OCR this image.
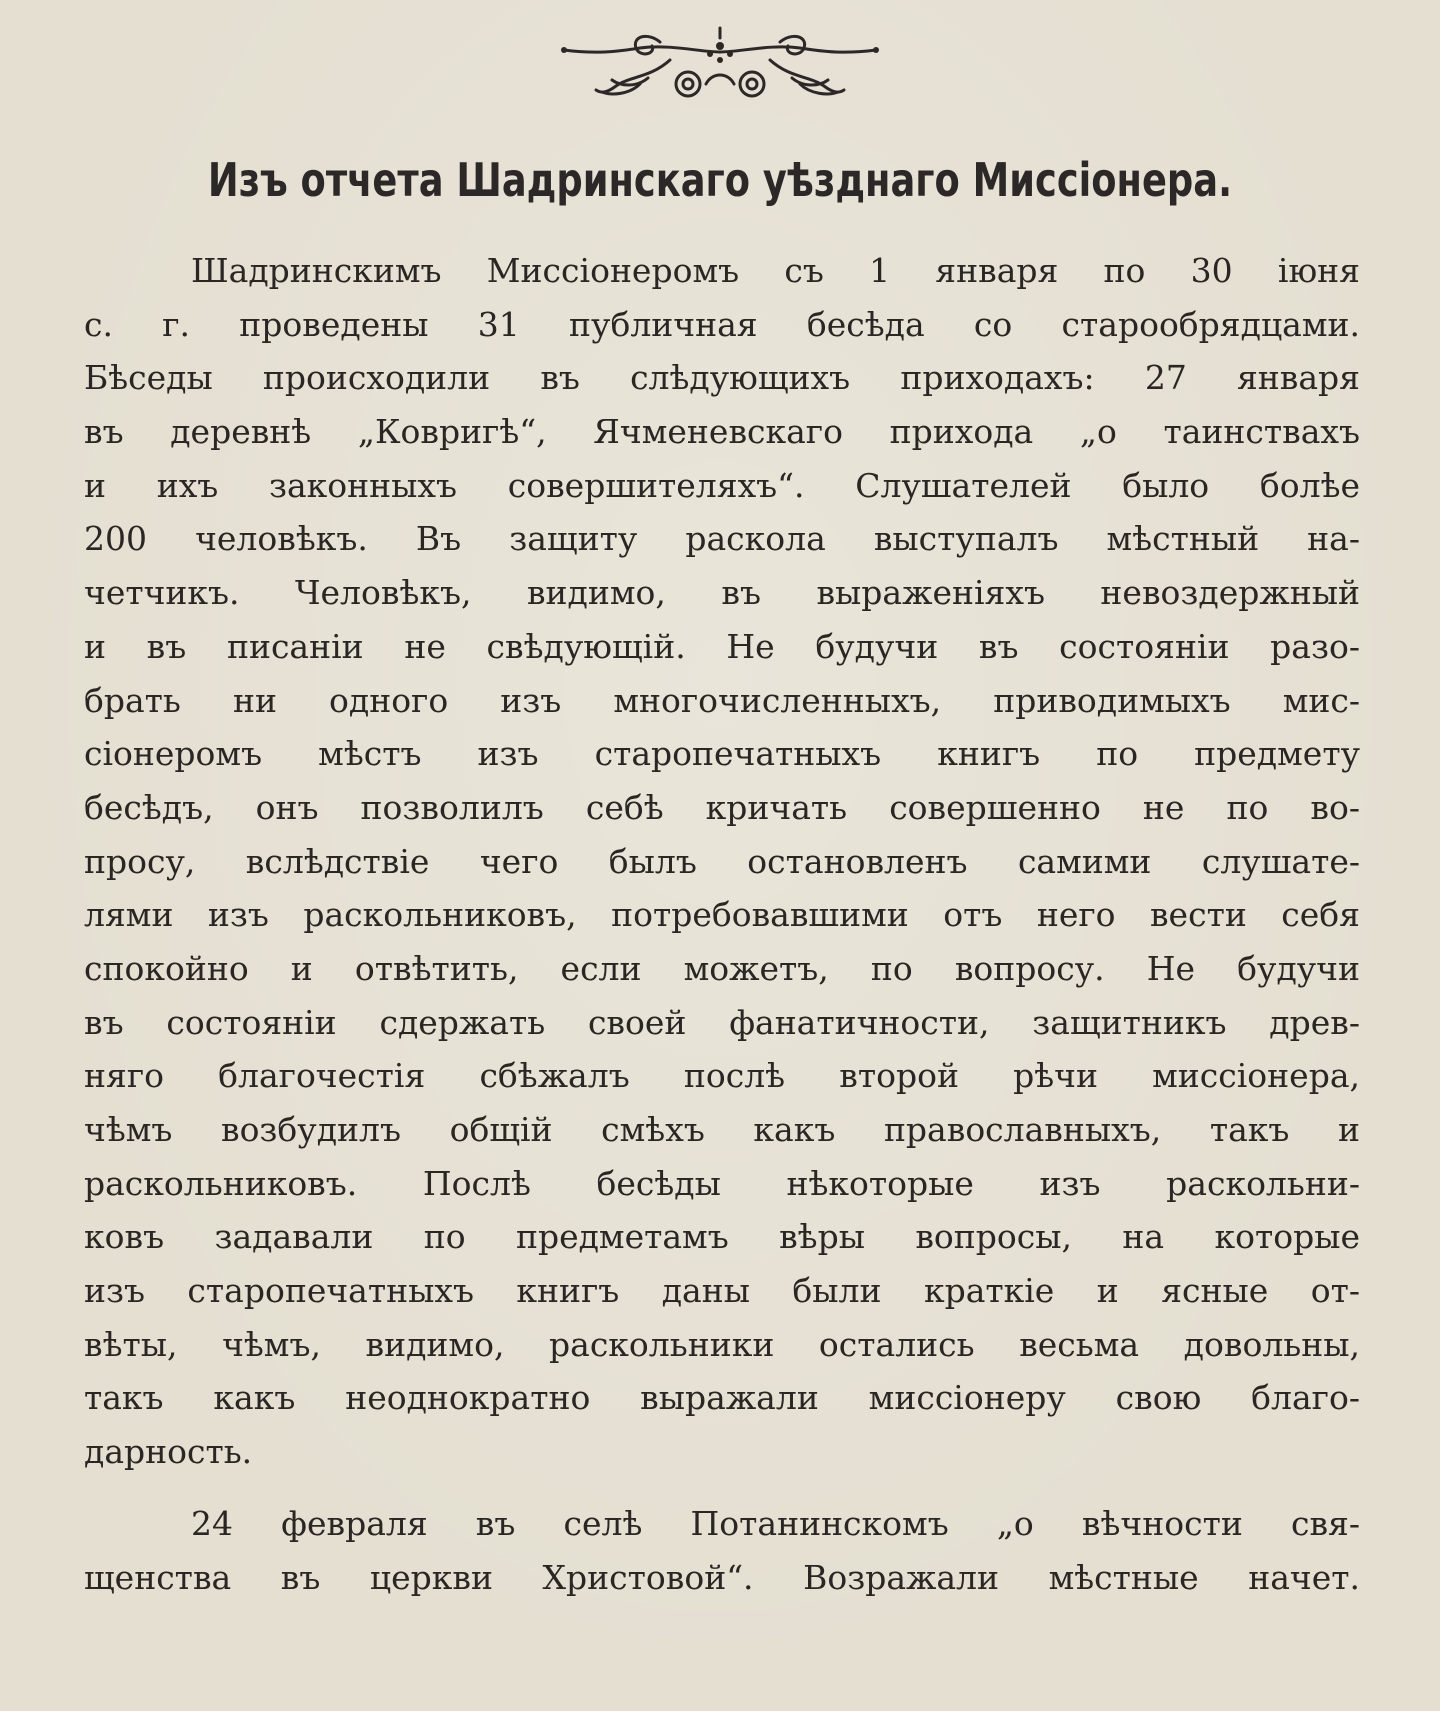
Изъ отчета Шадринскаго уѣзднаго Миссiонера.
Шадринскимъ Миссiонеромъ съ 1 января по 30 iюня
с. г. проведены 31 публичная бесѣда со старообрядцами.
Бѣседы происходили въ слѣдующихъ приходахъ: 27 января
въ деревнѣ „Ковригѣ“, Ячменевскаго прихода „о таинствахъ
и ихъ законныхъ совершителяхъ“. Слушателей было болѣе
200 человѣкъ. Въ защиту раскола выступалъ мѣстный на-
четчикъ. Человѣкъ, видимо, въ выраженiяхъ невоздержный
и въ писанiи не свѣдующiй. Не будучи въ состоянiи разо-
брать ни одного изъ многочисленныхъ, приводимыхъ мис-
сiонеромъ мѣстъ изъ старопечатныхъ книгъ по предмету
бесѣдъ, онъ позволилъ себѣ кричать совершенно не по во-
просу, вслѣдствiе чего былъ остановленъ самими слушате-
лями изъ раскольниковъ, потребовавшими отъ него вести себя
спокойно и отвѣтить, если можетъ, по вопросу. Не будучи
въ состоянiи сдержать своей фанатичности, защитникъ древ-
няго благочестiя сбѣжалъ послѣ второй рѣчи миссiонера,
чѣмъ возбудилъ общiй смѣхъ какъ православныхъ, такъ и
раскольниковъ. Послѣ бесѣды нѣкоторые изъ раскольни-
ковъ задавали по предметамъ вѣры вопросы, на которые
изъ старопечатныхъ книгъ даны были краткiе и ясные от-
вѣты, чѣмъ, видимо, раскольники остались весьма довольны,
такъ какъ неоднократно выражали миссiонеру свою благо-
дарность.
24 февраля въ селѣ Потанинскомъ „о вѣчности свя-
щенства въ церкви Христовой“. Возражали мѣстные начет.
